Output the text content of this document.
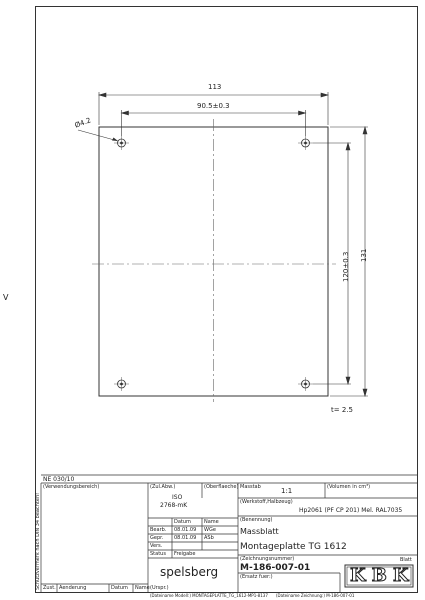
113
90.5±0.3
Ø4.2
131
120±0.3
t= 2.5
V
Schutzvermerk nach DIN 34 beachten!
NE 030/10
(Verwendungsbereich)	(Zul.Abw.)
ISO
2768-mK
(Oberflaeche) Masstab	1:1	(Volumen in cm³)
(Werkstoff,Halbzeug)
Hp2061 (PF CP 201) Mel. RAL7035
(Benennung)
Massblatt
Montageplatte TG 1612
(Zeichnungsnummer)
M-186-007-01
(Ersatz fuer:)
Blatt
KBK
Datum	Name
Bearb. 08.01.09 WGe
Gepr. 08.01.09 ASb
Vers.
Status Freigabe
spelsberg
Zust. Aenderung	Datum Name (Urspr.)
(Dateiname Modell:) MONTAGEPLATTE_TG_1612-MP1-8137 (Dateiname Zeichnung:) M-186-007-01
